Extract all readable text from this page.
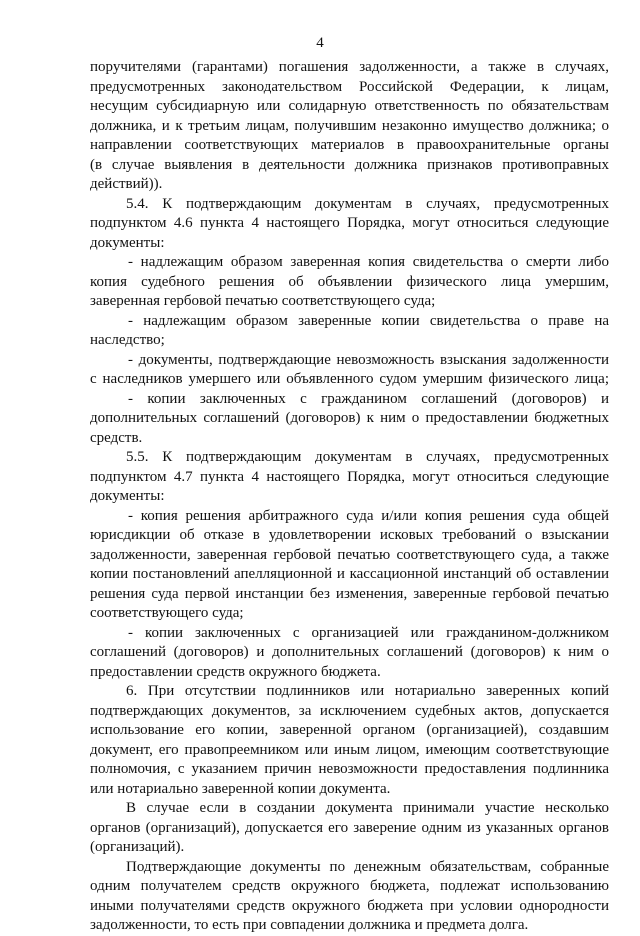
4
поручителями (гарантами) погашения задолженности, а также в случаях,
предусмотренных законодательством Российской Федерации, к лицам,
несущим субсидиарную или солидарную ответственность по обязательствам
должника, и к третьим лицам, получившим незаконно имущество должника; о
направлении соответствующих материалов в правоохранительные органы
(в случае выявления в деятельности должника признаков противоправных
действий)).
5.4. К подтверждающим документам в случаях, предусмотренных
подпунктом 4.6 пункта 4 настоящего Порядка, могут относиться следующие
документы:
- надлежащим образом заверенная копия свидетельства о смерти либо
копия судебного решения об объявлении физического лица умершим,
заверенная гербовой печатью соответствующего суда;
- надлежащим образом заверенные копии свидетельства о праве на
наследство;
- документы, подтверждающие невозможность взыскания задолженности
с наследников умершего или объявленного судом умершим физического лица;
- копии заключенных с гражданином соглашений (договоров) и
дополнительных соглашений (договоров) к ним о предоставлении бюджетных
средств.
5.5. К подтверждающим документам в случаях, предусмотренных
подпунктом 4.7 пункта 4 настоящего Порядка, могут относиться следующие
документы:
- копия решения арбитражного суда и/или копия решения суда общей
юрисдикции об отказе в удовлетворении исковых требований о взыскании
задолженности, заверенная гербовой печатью соответствующего суда, а также
копии постановлений апелляционной и кассационной инстанций об оставлении
решения суда первой инстанции без изменения, заверенные гербовой печатью
соответствующего суда;
- копии заключенных с организацией или гражданином-должником
соглашений (договоров) и дополнительных соглашений (договоров) к ним о
предоставлении средств окружного бюджета.
6. При отсутствии подлинников или нотариально заверенных копий
подтверждающих документов, за исключением судебных актов, допускается
использование его копии, заверенной органом (организацией), создавшим
документ, его правопреемником или иным лицом, имеющим соответствующие
полномочия, с указанием причин невозможности предоставления подлинника
или нотариально заверенной копии документа.
В случае если в создании документа принимали участие несколько
органов (организаций), допускается его заверение одним из указанных органов
(организаций).
Подтверждающие документы по денежным обязательствам, собранные
одним получателем средств окружного бюджета, подлежат использованию
иными получателями средств окружного бюджета при условии однородности
задолженности, то есть при совпадении должника и предмета долга.
